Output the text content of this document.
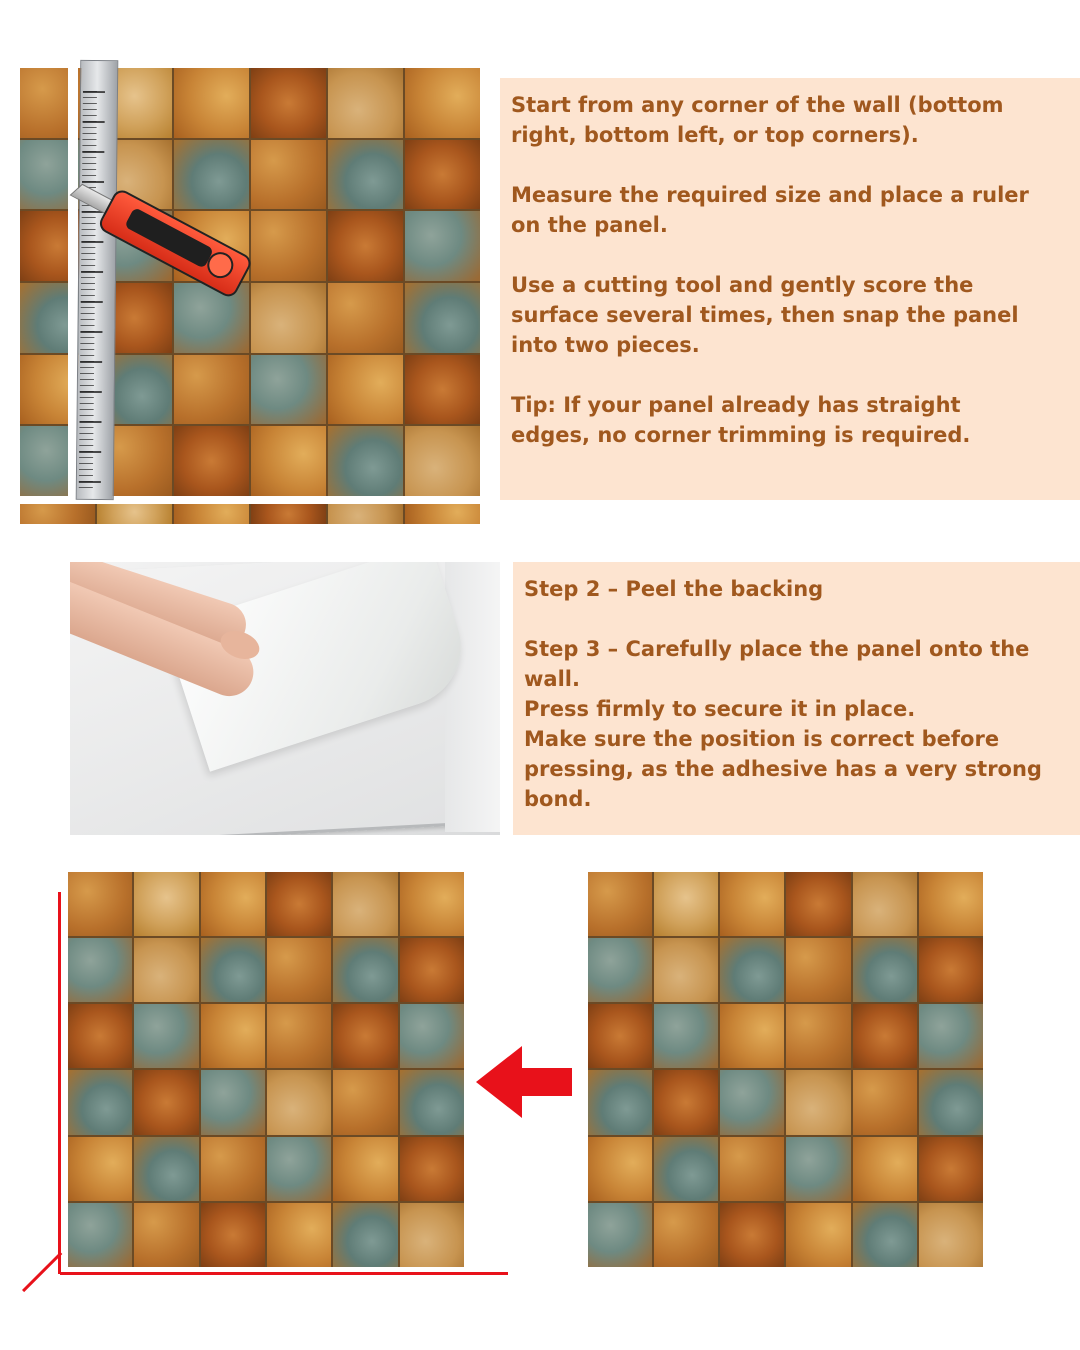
Start from any corner of the wall (bottom
right, bottom left, or top corners).

Measure the required size and place a ruler
on the panel.

Use a cutting tool and gently score the
surface several times, then snap the panel
into two pieces.

Tip: If your panel already has straight
edges, no corner trimming is required.

Step 2 – Peel the backing

Step 3 – Carefully place the panel onto the
wall.
Press firmly to secure it in place.
Make sure the position is correct before
pressing, as the adhesive has a very strong
bond.
